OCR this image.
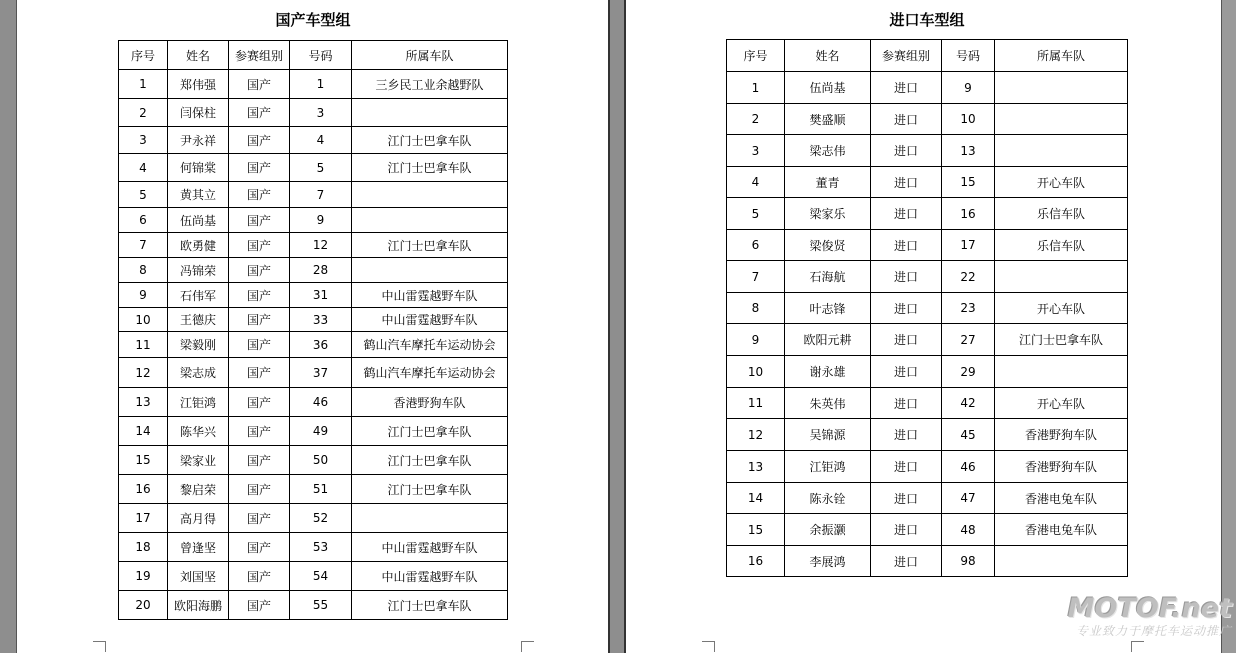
国产车型组
序号	姓名	参赛组别	号码	所属车队
1	郑伟强	国产	1	三乡民工业余越野队
2	闫保柱	国产	3	
3	尹永祥	国产	4	江门士巴拿车队
4	何锦棠	国产	5	江门士巴拿车队
5	黄其立	国产	7	
6	伍尚基	国产	9	
7	欧勇健	国产	12	江门士巴拿车队
8	冯锦荣	国产	28	
9	石伟军	国产	31	中山雷霆越野车队
10	王德庆	国产	33	中山雷霆越野车队
11	梁毅刚	国产	36	鹤山汽车摩托车运动协会
12	梁志成	国产	37	鹤山汽车摩托车运动协会
13	江钜鸿	国产	46	香港野狗车队
14	陈华兴	国产	49	江门士巴拿车队
15	梁家业	国产	50	江门士巴拿车队
16	黎启荣	国产	51	江门士巴拿车队
17	高月得	国产	52	
18	曾逢坚	国产	53	中山雷霆越野车队
19	刘国坚	国产	54	中山雷霆越野车队
20	欧阳海鹏	国产	55	江门士巴拿车队
进口车型组
序号	姓名	参赛组别	号码	所属车队
1	伍尚基	进口	9	
2	樊盛顺	进口	10	
3	梁志伟	进口	13	
4	董青	进口	15	开心车队
5	梁家乐	进口	16	乐信车队
6	梁俊贤	进口	17	乐信车队
7	石海航	进口	22	
8	叶志锋	进口	23	开心车队
9	欧阳元耕	进口	27	江门士巴拿车队
10	谢永雄	进口	29	
11	朱英伟	进口	42	开心车队
12	吴锦源	进口	45	香港野狗车队
13	江钜鸿	进口	46	香港野狗车队
14	陈永铨	进口	47	香港电兔车队
15	余振灏	进口	48	香港电兔车队
16	李展鸿	进口	98	
MOTOF.net
专业致力于摩托车运动推广
